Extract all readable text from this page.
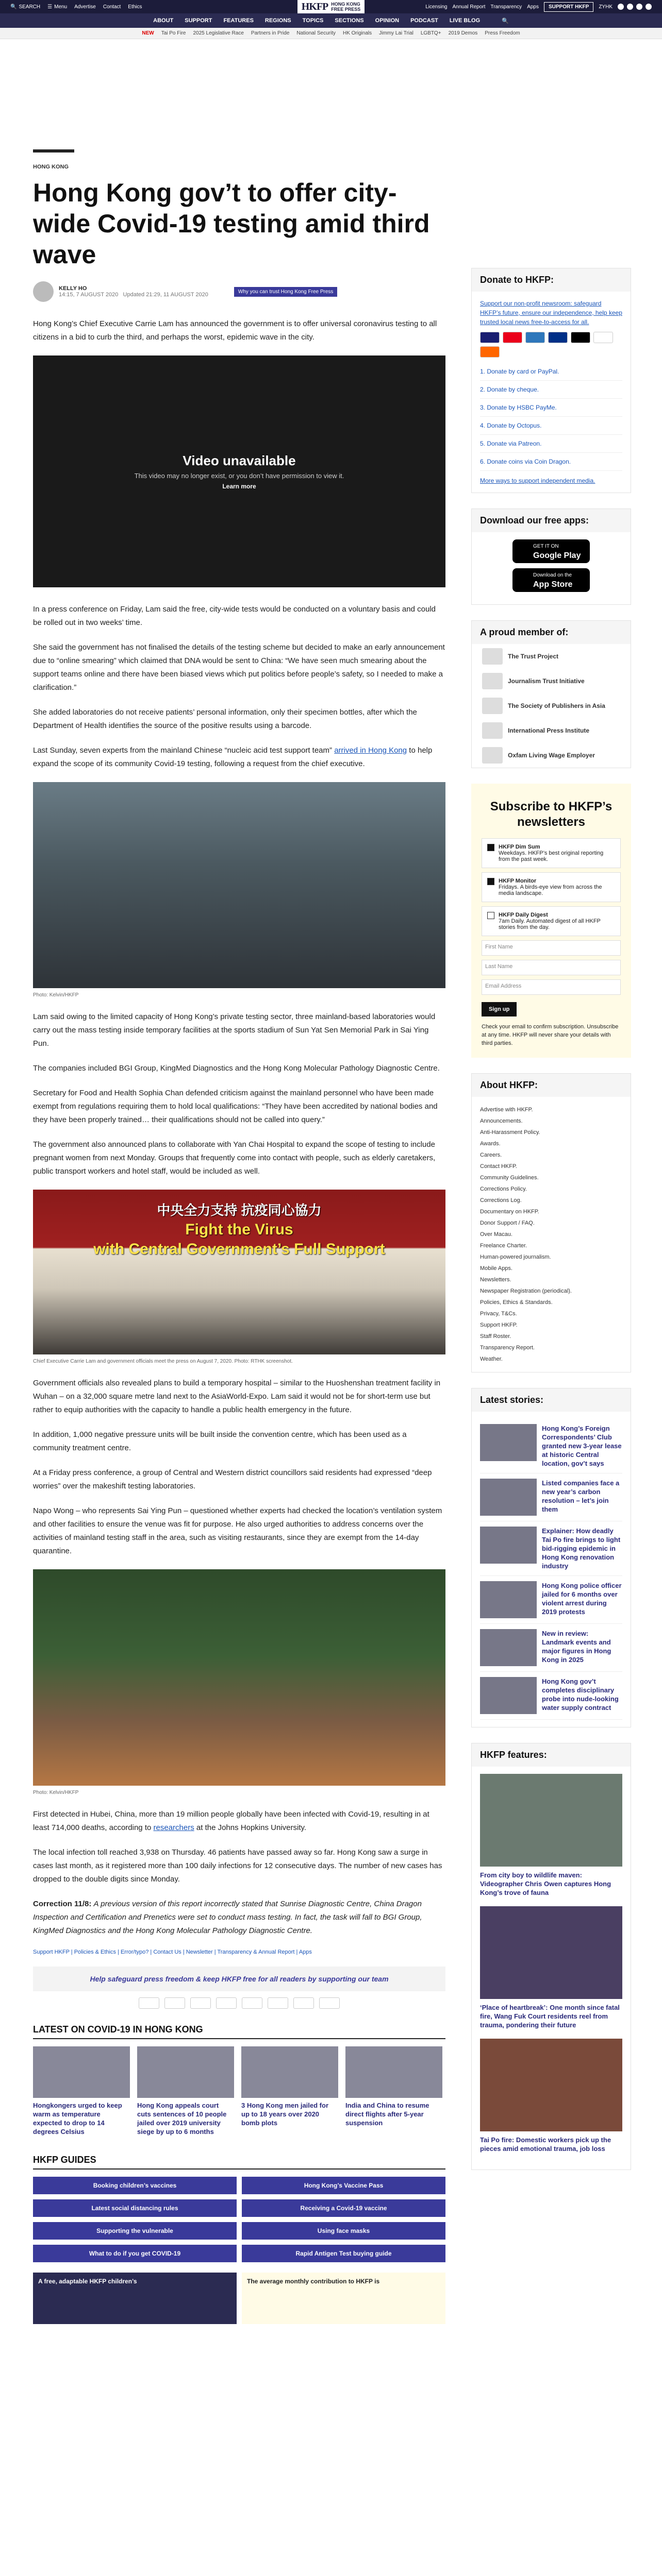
🔍 SEARCH ☰ Menu Advertise Contact Ethics	HKFP HONG KONG
FREE PRESS	Licensing Annual Report Transparency Apps	SUPPORT HKFP	ZYHK
ABOUT SUPPORT FEATURES REGIONS TOPICS SECTIONS OPINION PODCAST LIVE BLOG	🔍
NEW Tai Po Fire 2025 Legislative Race Partners in Pride National Security HK Originals Jimmy Lai Trial LGBTQ+ 2019 Demos Press Freedom
HONG KONG
Hong Kong gov’t to offer city-wide Covid-19 testing amid third wave
KELLY HO
14:15, 7 AUGUST 2020 Updated 21:29, 11 AUGUST 2020	Why you can trust Hong Kong Free Press

Hong Kong’s Chief Executive Carrie Lam has announced the government is to offer universal coronavirus testing to all citizens in a bid to curb the third, and perhaps the worst, epidemic wave in the city.

Video unavailable
This video may no longer exist, or you don’t have permission to view it.
Learn more

In a press conference on Friday, Lam said the free, city-wide tests would be conducted on a voluntary basis and could be rolled out in two weeks’ time.

She said the government has not finalised the details of the testing scheme but decided to make an early announcement due to “online smearing” which claimed that DNA would be sent to China: “We have seen much smearing about the support teams online and there have been biased views which put politics before people’s safety, so I needed to make a clarification.”

She added laboratories do not receive patients’ personal information, only their specimen bottles, after which the Department of Health identifies the source of the positive results using a barcode.

Last Sunday, seven experts from the mainland Chinese “nucleic acid test support team” arrived in Hong Kong to help expand the scope of its community Covid-19 testing, following a request from the chief executive.

Photo: Kelvin/HKFP

Lam said owing to the limited capacity of Hong Kong’s private testing sector, three mainland-based laboratories would carry out the mass testing inside temporary facilities at the sports stadium of Sun Yat Sen Memorial Park in Sai Ying Pun.

The companies included BGI Group, KingMed Diagnostics and the Hong Kong Molecular Pathology Diagnostic Centre.

Secretary for Food and Health Sophia Chan defended criticism against the mainland personnel who have been made exempt from regulations requiring them to hold local qualifications: “They have been accredited by national bodies and they have been properly trained… their qualifications should not be called into query.”

The government also announced plans to collaborate with Yan Chai Hospital to expand the scope of testing to include pregnant women from next Monday. Groups that frequently come into contact with people, such as elderly caretakers, public transport workers and hotel staff, would be included as well.

中央全力支持 抗疫同心協力
Fight the Virus
with Central Government’s Full Support
Chief Executive Carrie Lam and government officials meet the press on August 7, 2020. Photo: RTHK screenshot.

Government officials also revealed plans to build a temporary hospital – similar to the Huoshenshan treatment facility in Wuhan – on a 32,000 square metre land next to the AsiaWorld-Expo. Lam said it would not be for short-term use but rather to equip authorities with the capacity to handle a public health emergency in the future.

In addition, 1,000 negative pressure units will be built inside the convention centre, which has been used as a community treatment centre.

At a Friday press conference, a group of Central and Western district councillors said residents had expressed “deep worries” over the makeshift testing laboratories.

Napo Wong – who represents Sai Ying Pun – questioned whether experts had checked the location’s ventilation system and other facilities to ensure the venue was fit for purpose. He also urged authorities to address concerns over the activities of mainland testing staff in the area, such as visiting restaurants, since they are exempt from the 14-day quarantine.

Photo: Kelvin/HKFP

First detected in Hubei, China, more than 19 million people globally have been infected with Covid-19, resulting in at least 714,000 deaths, according to researchers at the Johns Hopkins University.

The local infection toll reached 3,938 on Thursday. 46 patients have passed away so far. Hong Kong saw a surge in cases last month, as it registered more than 100 daily infections for 12 consecutive days. The number of new cases has dropped to the double digits since Monday.

Correction 11/8: A previous version of this report incorrectly stated that Sunrise Diagnostic Centre, China Dragon Inspection and Certification and Prenetics were set to conduct mass testing. In fact, the task will fall to BGI Group, KingMed Diagnostics and the Hong Kong Molecular Pathology Diagnostic Centre.

Support HKFP | Policies & Ethics | Error/typo? | Contact Us | Newsletter | Transparency & Annual Report | Apps
Help safeguard press freedom & keep HKFP free for all readers by supporting our team
LATEST ON COVID-19 IN HONG KONG
Hongkongers urged to keep warm as temperature expected to drop to 14 degrees Celsius
Hong Kong appeals court cuts sentences of 10 people jailed over 2019 university siege by up to 6 months
3 Hong Kong men jailed for up to 18 years over 2020 bomb plots
India and China to resume direct flights after 5-year suspension
HKFP GUIDES
Booking children’s vaccines	Hong Kong’s Vaccine Pass
Latest social distancing rules	Receiving a Covid-19 vaccine
Supporting the vulnerable	Using face masks
What to do if you get COVID-19	Rapid Antigen Test buying guide
A free, adaptable HKFP children’s	The average monthly contribution to HKFP is
Donate to HKFP:
Support our non-profit newsroom: safeguard HKFP’s future, ensure our independence, help keep trusted local news free-to-access for all.
1. Donate by card or PayPal.
2. Donate by cheque.
3. Donate by HSBC PayMe.
4. Donate by Octopus.
5. Donate via Patreon.
6. Donate coins via Coin Dragon.
More ways to support independent media.
Download our free apps:
GET IT ON
Google Play
Download on the
App Store
A proud member of:
The Trust Project
Journalism Trust Initiative
The Society of Publishers in Asia
International Press Institute
Oxfam Living Wage Employer
Subscribe to HKFP’s newsletters
HKFP Dim Sum
Weekdays. HKFP’s best original reporting from the past week.
HKFP Monitor
Fridays. A birds-eye view from across the media landscape.
HKFP Daily Digest
7am Daily. Automated digest of all HKFP stories from the day.
First Name
Last Name
Email Address
Sign up
Check your email to confirm subscription. Unsubscribe at any time. HKFP will never share your details with third parties.
About HKFP:
Advertise with HKFP.
Announcements.
Anti-Harassment Policy.
Awards.
Careers.
Contact HKFP.
Community Guidelines.
Corrections Policy.
Corrections Log.
Documentary on HKFP.
Donor Support / FAQ.
Over Macau.
Freelance Charter.
Human-powered journalism.
Mobile Apps.
Newsletters.
Newspaper Registration (periodical).
Policies, Ethics & Standards.
Privacy, T&Cs.
Support HKFP.
Staff Roster.
Transparency Report.
Weather.
Latest stories:
Hong Kong’s Foreign Correspondents’ Club granted new 3-year lease at historic Central location, gov’t says
Listed companies face a new year’s carbon resolution – let’s join them
Explainer: How deadly Tai Po fire brings to light bid-rigging epidemic in Hong Kong renovation industry
Hong Kong police officer jailed for 6 months over violent arrest during 2019 protests
New in review: Landmark events and major figures in Hong Kong in 2025
Hong Kong gov’t completes disciplinary probe into nude-looking water supply contract
HKFP features:
From city boy to wildlife maven: Videographer Chris Owen captures Hong Kong’s trove of fauna
‘Place of heartbreak’: One month since fatal fire, Wang Fuk Court residents reel from trauma, pondering their future
Tai Po fire: Domestic workers pick up the pieces amid emotional trauma, job loss
